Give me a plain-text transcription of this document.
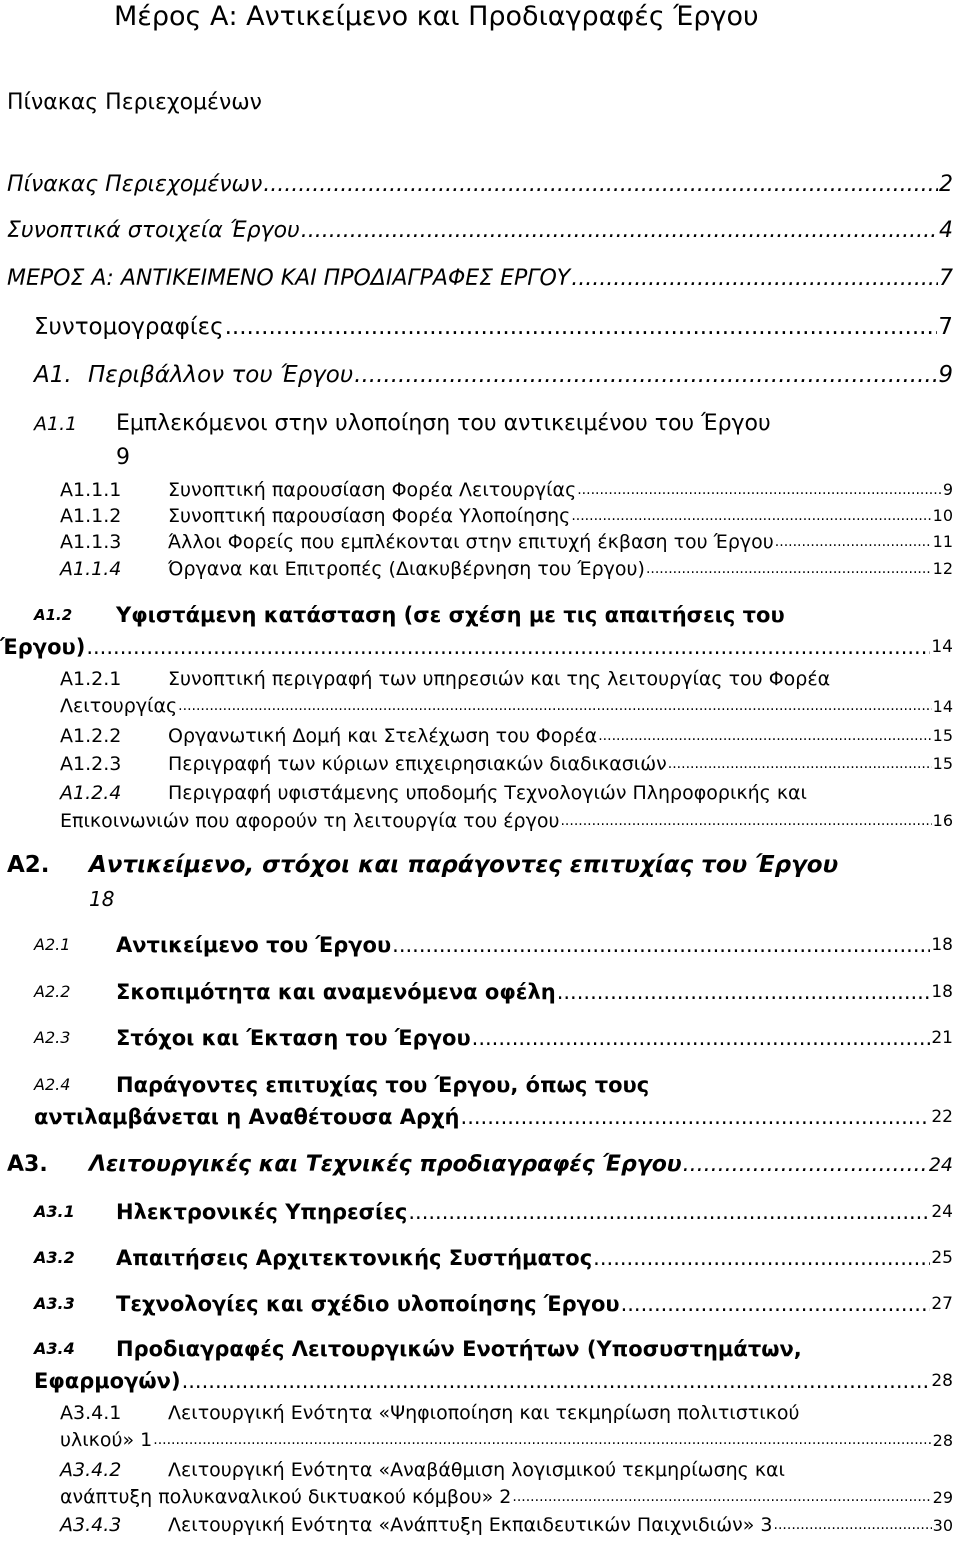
Μέρος Α: Αντικείμενο και Προδιαγραφές Έργου
Πίνακας Περιεχομένων
Πίνακας Περιεχομένων .....	2
Συνοπτικά στοιχεία Έργου .....	4
ΜΕΡΟΣ Α: ΑΝΤΙΚΕΙΜΕΝΟ ΚΑΙ ΠΡΟΔΙΑΓΡΑΦΕΣ ΕΡΓΟΥ .....	7
Συντομογραφίες .....	7
Α1. Περιβάλλον του Έργου .....	9
Α1.1	Εμπλεκόμενοι στην υλοποίηση του αντικειμένου του Έργου
9
Α1.1.1 Συνοπτική παρουσίαση Φορέα Λειτουργίας .....	9
Α1.1.2 Συνοπτική παρουσίαση Φορέα Υλοποίησης .....	10
Α1.1.3 Άλλοι Φορείς που εμπλέκονται στην επιτυχή έκβαση του Έργου .....	11
Α1.1.4 Όργανα και Επιτροπές (Διακυβέρνηση του Έργου) .....	12
Α1.2	Υφιστάμενη κατάσταση (σε σχέση με τις απαιτήσεις του
Έργου) .....	14
Α1.2.1	Συνοπτική περιγραφή των υπηρεσιών και της λειτουργίας του Φορέα
Λειτουργίας .....	14
Α1.2.2 Οργανωτική Δομή και Στελέχωση του Φορέα .....	15
Α1.2.3 Περιγραφή των κύριων επιχειρησιακών διαδικασιών .....	15
Α1.2.4	Περιγραφή υφιστάμενης υποδομής Τεχνολογιών Πληροφορικής και
Επικοινωνιών που αφορούν τη λειτουργία του έργου .....	16
Α2.	Αντικείμενο, στόχοι και παράγοντες επιτυχίας του Έργου
18
Α2.1 Αντικείμενο του Έργου .....	18
Α2.2 Σκοπιμότητα και αναμενόμενα οφέλη .....	18
Α2.3 Στόχοι και Έκταση του Έργου .....	21
Α2.4	Παράγοντες επιτυχίας του Έργου, όπως τους
αντιλαμβάνεται η Αναθέτουσα Αρχή .....	22
Α3. Λειτουργικές και Τεχνικές προδιαγραφές Έργου .....	24
Α3.1 Ηλεκτρονικές Υπηρεσίες .....	24
Α3.2 Απαιτήσεις Αρχιτεκτονικής Συστήματος .....	25
Α3.3 Τεχνολογίες και σχέδιο υλοποίησης Έργου .....	27
Α3.4	Προδιαγραφές Λειτουργικών Ενοτήτων (Υποσυστημάτων,
Εφαρμογών) .....	28
Α3.4.1	Λειτουργική Ενότητα «Ψηφιοποίηση και τεκμηρίωση πολιτιστικού
υλικού» 1 .....	28
Α3.4.2	Λειτουργική Ενότητα «Αναβάθμιση λογισμικού τεκμηρίωσης και
ανάπτυξη πολυκαναλικού δικτυακού κόμβου» 2 .....	29
Α3.4.3 Λειτουργική Ενότητα «Ανάπτυξη Εκπαιδευτικών Παιχνιδιών» 3 .....	30
